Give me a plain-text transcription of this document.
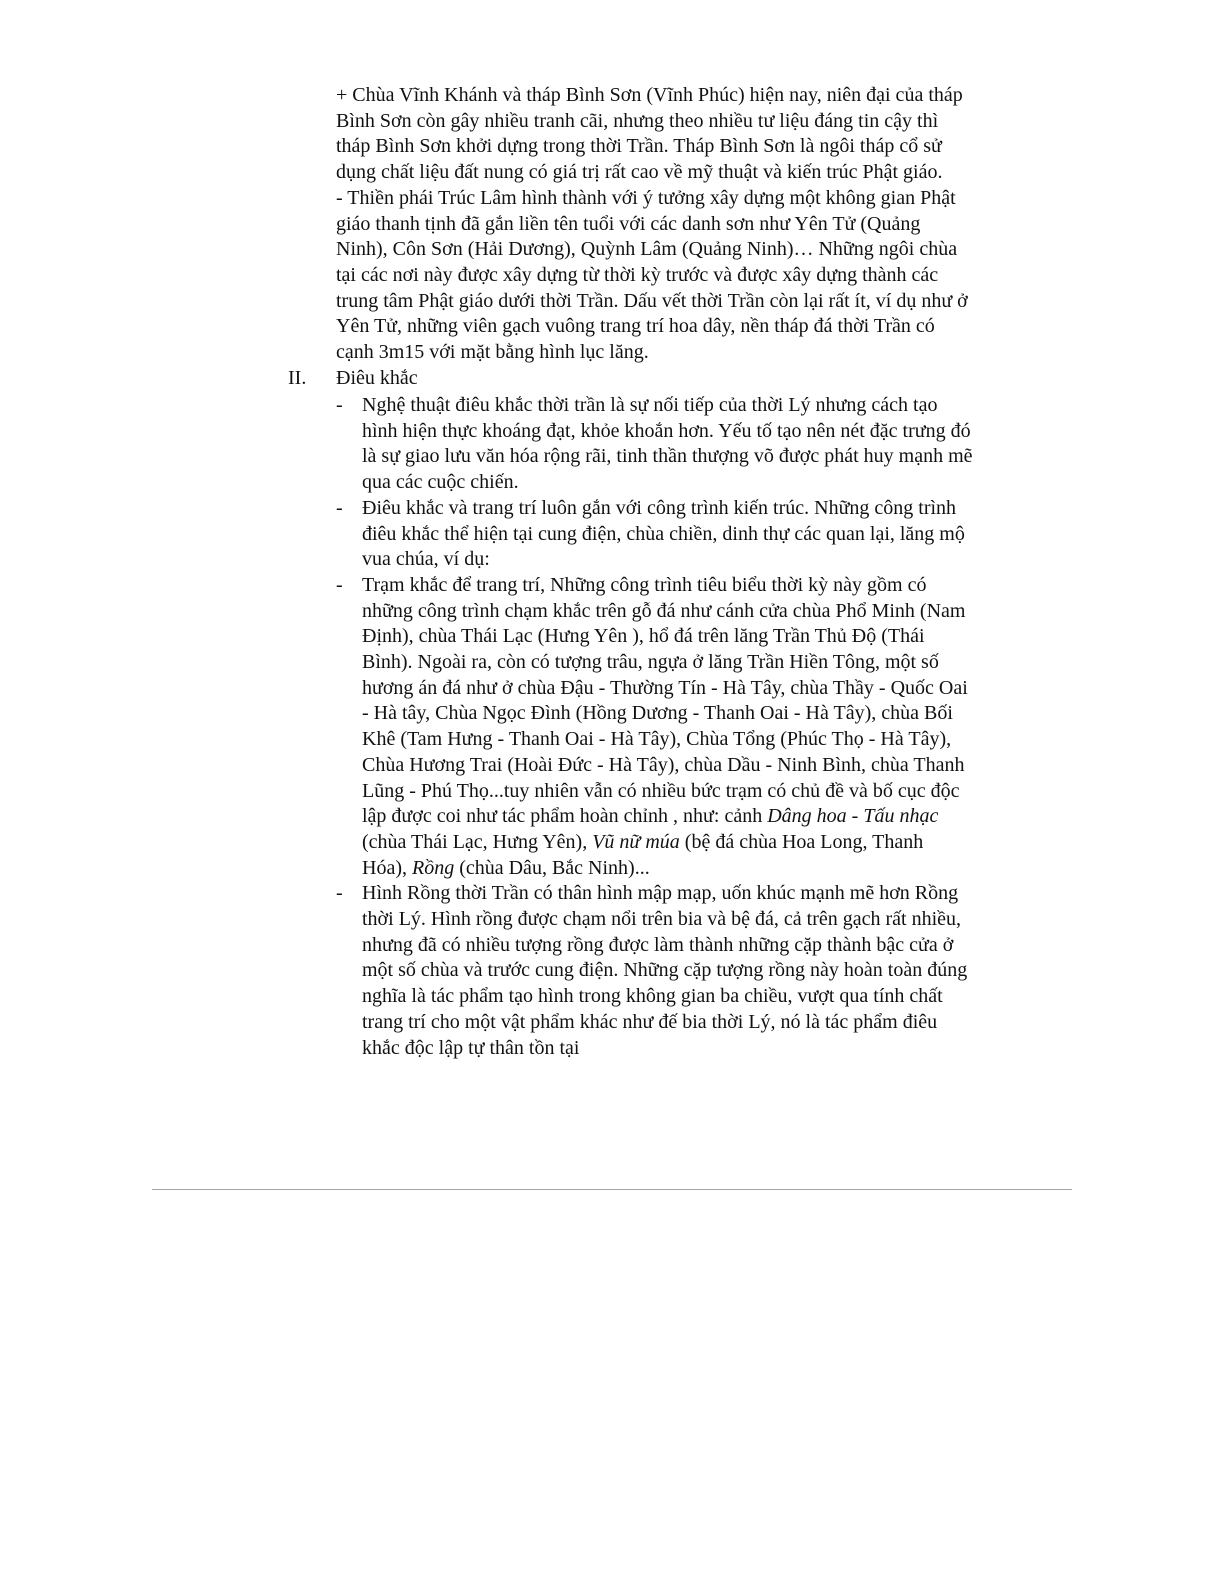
+ Chùa Vĩnh Khánh và tháp Bình Sơn (Vĩnh Phúc) hiện nay, niên đại của tháp
Bình Sơn còn gây nhiều tranh cãi, nhưng theo nhiều tư liệu đáng tin cậy thì
tháp Bình Sơn khởi dựng trong thời Trần. Tháp Bình Sơn là ngôi tháp cổ sử
dụng chất liệu đất nung có giá trị rất cao về mỹ thuật và kiến trúc Phật giáo.
- Thiền phái Trúc Lâm hình thành với ý tưởng xây dựng một không gian Phật
giáo thanh tịnh đã gắn liền tên tuổi với các danh sơn như Yên Tử (Quảng
Ninh), Côn Sơn (Hải Dương), Quỳnh Lâm (Quảng Ninh)… Những ngôi chùa
tại các nơi này được xây dựng từ thời kỳ trước và được xây dựng thành các
trung tâm Phật giáo dưới thời Trần. Dấu vết thời Trần còn lại rất ít, ví dụ như ở
Yên Tử, những viên gạch vuông trang trí hoa dây, nền tháp đá thời Trần có
cạnh 3m15 với mặt bằng hình lục lăng.
II. Điêu khắc
- Nghệ thuật điêu khắc thời trần là sự nối tiếp của thời Lý nhưng cách tạo
hình hiện thực khoáng đạt, khỏe khoắn hơn. Yếu tố tạo nên nét đặc trưng đó
là sự giao lưu văn hóa rộng rãi, tinh thần thượng võ được phát huy mạnh mẽ
qua các cuộc chiến.
- Điêu khắc và trang trí luôn gắn với công trình kiến trúc. Những công trình
điêu khắc thể hiện tại cung điện, chùa chiền, dinh thự các quan lại, lăng mộ
vua chúa, ví dụ:
- Trạm khắc để trang trí, Những công trình tiêu biểu thời kỳ này gồm có
những công trình chạm khắc trên gỗ đá như cánh cửa chùa Phổ Minh (Nam
Định), chùa Thái Lạc (Hưng Yên ), hổ đá trên lăng Trần Thủ Độ (Thái
Bình). Ngoài ra, còn có tượng trâu, ngựa ở lăng Trần Hiền Tông, một số
hương án đá như ở chùa Đậu - Thường Tín - Hà Tây, chùa Thầy - Quốc Oai
- Hà tây, Chùa Ngọc Đình (Hồng Dương - Thanh Oai - Hà Tây), chùa Bối
Khê (Tam Hưng - Thanh Oai - Hà Tây), Chùa Tổng (Phúc Thọ - Hà Tây),
Chùa Hương Trai (Hoài Đức - Hà Tây), chùa Dầu - Ninh Bình, chùa Thanh
Lũng - Phú Thọ...tuy nhiên vẫn có nhiều bức trạm có chủ đề và bố cục độc
lập được coi như tác phẩm hoàn chỉnh , như: cảnh Dâng hoa - Tấu nhạc
(chùa Thái Lạc, Hưng Yên), Vũ nữ múa (bệ đá chùa Hoa Long, Thanh
Hóa), Rồng (chùa Dâu, Bắc Ninh)...
- Hình Rồng thời Trần có thân hình mập mạp, uốn khúc mạnh mẽ hơn Rồng
thời Lý. Hình rồng được chạm nổi trên bia và bệ đá, cả trên gạch rất nhiều,
nhưng đã có nhiều tượng rồng được làm thành những cặp thành bậc cửa ở
một số chùa và trước cung điện. Những cặp tượng rồng này hoàn toàn đúng
nghĩa là tác phẩm tạo hình trong không gian ba chiều, vượt qua tính chất
trang trí cho một vật phẩm khác như đế bia thời Lý, nó là tác phẩm điêu
khắc độc lập tự thân tồn tại
